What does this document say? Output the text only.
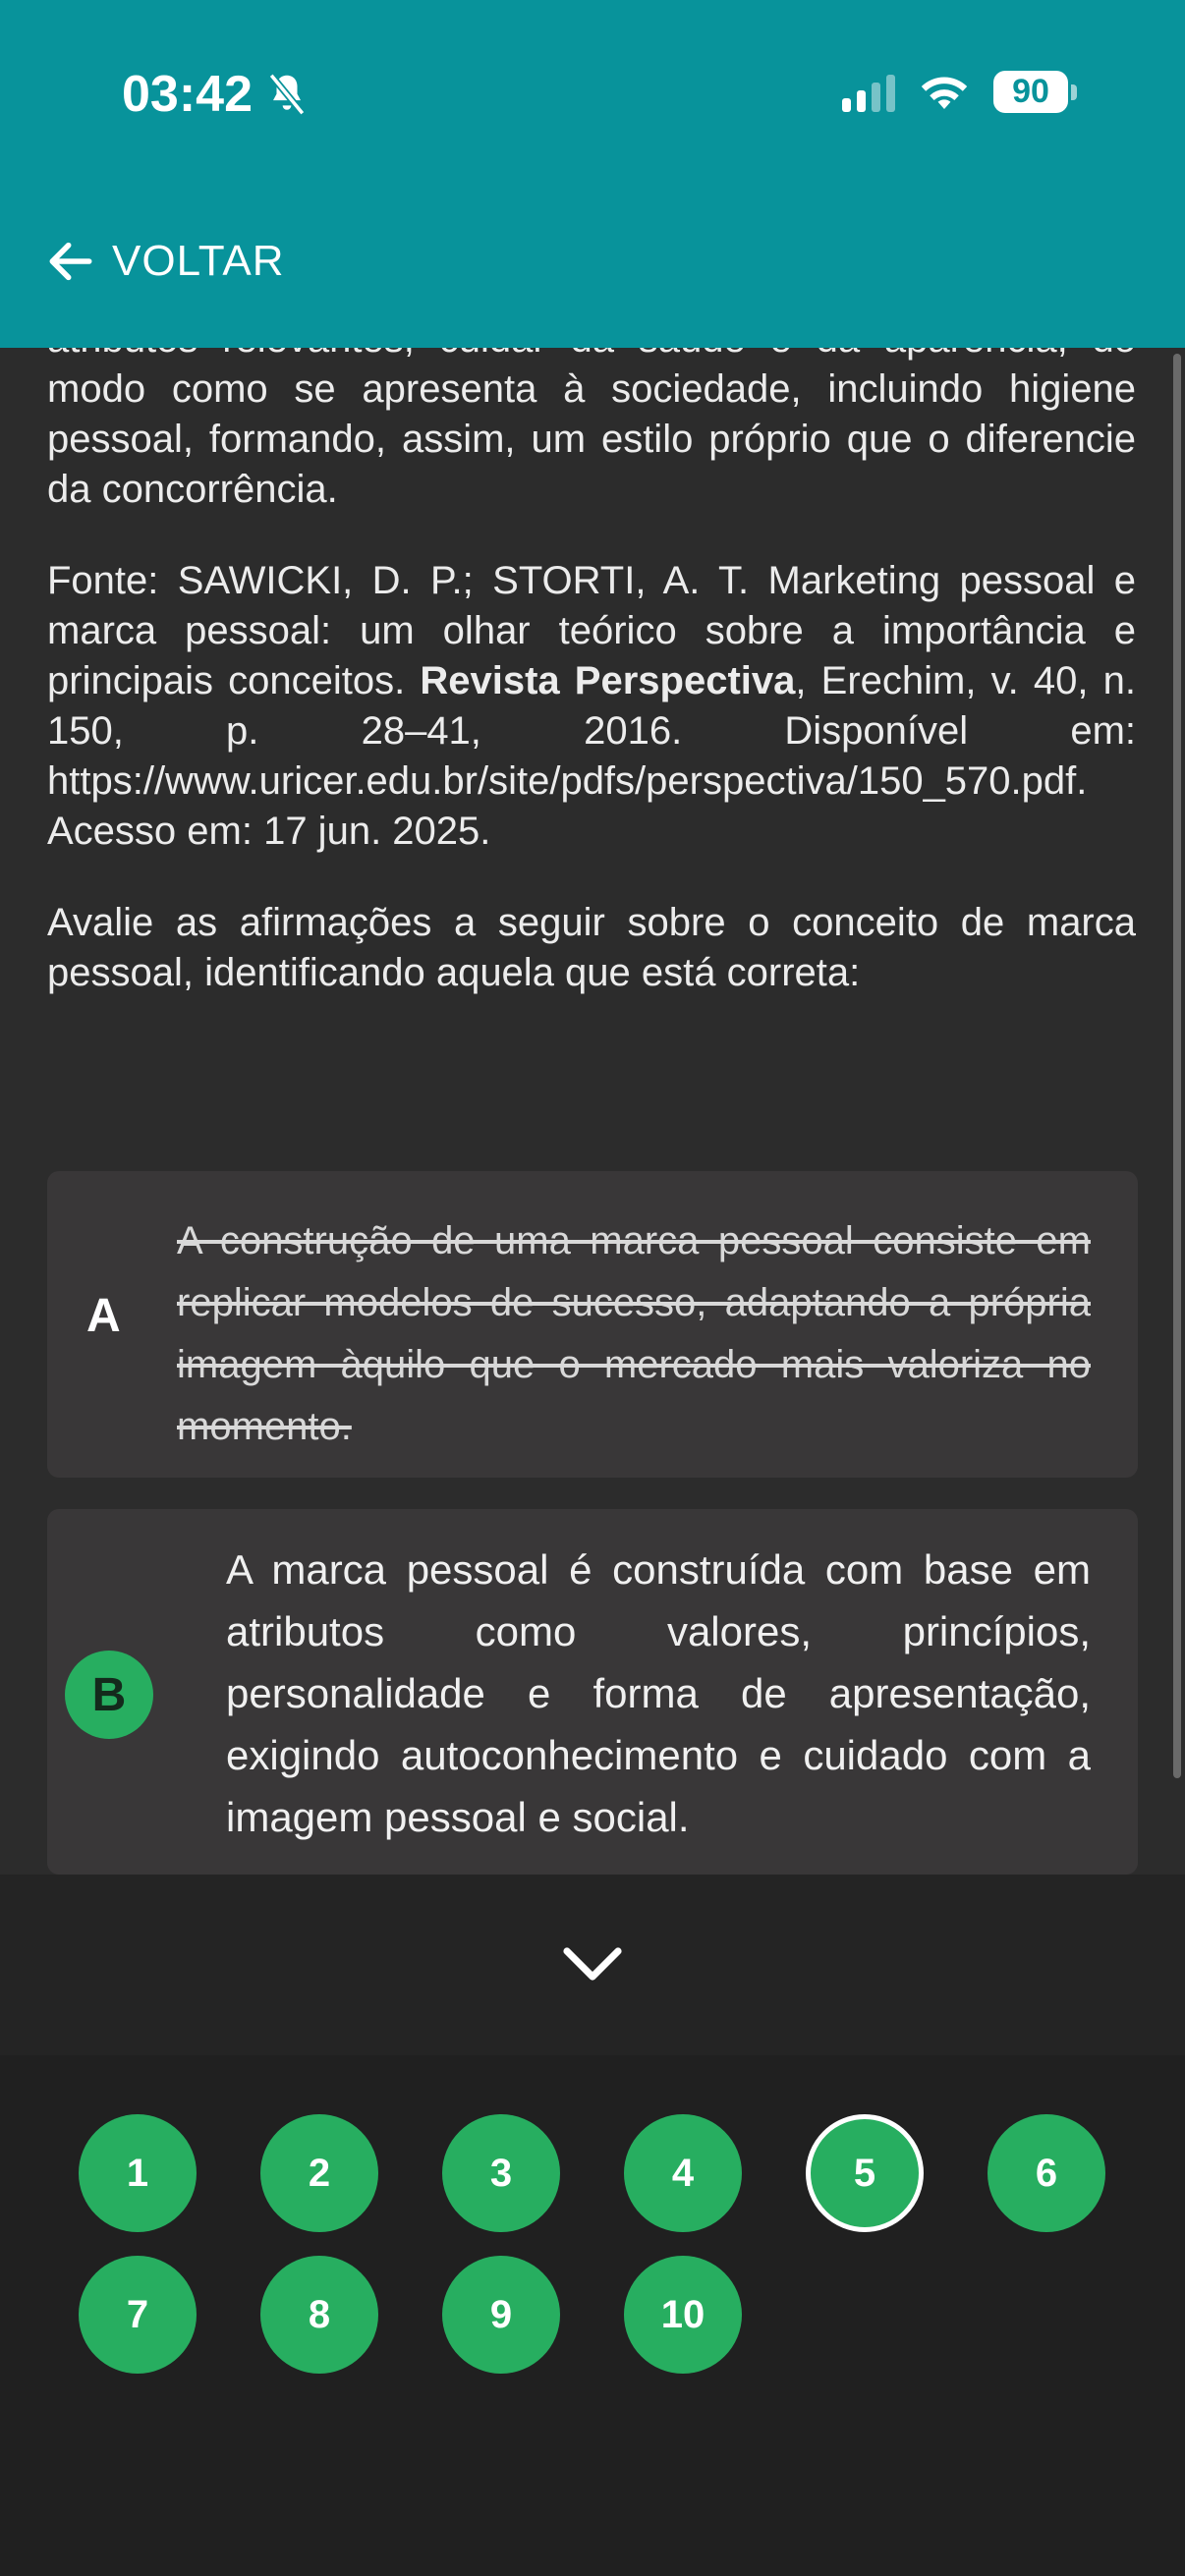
03:42	90
VOLTAR

modo como se apresenta à sociedade, incluindo higiene pessoal, formando, assim, um estilo próprio que o diferencie da concorrência.

Fonte: SAWICKI, D. P.; STORTI, A. T. Marketing pessoal e marca pessoal: um olhar teórico sobre a importância e principais conceitos. Revista Perspectiva, Erechim, v. 40, n. 150, p. 28–41, 2016. Disponível em: https://www.uricer.edu.br/site/pdfs/perspectiva/150_570.pdf. Acesso em: 17 jun. 2025.

Avalie as afirmações a seguir sobre o conceito de marca pessoal, identificando aquela que está correta:

A
A construção de uma marca pessoal consiste em replicar modelos de sucesso, adaptando a própria imagem àquilo que o mercado mais valoriza no momento.
B
A marca pessoal é construída com base em atributos como valores, princípios, personalidade e forma de apresentação, exigindo autoconhecimento e cuidado com a imagem pessoal e social.
1	2	3	4	5	6
7	8	9	10
